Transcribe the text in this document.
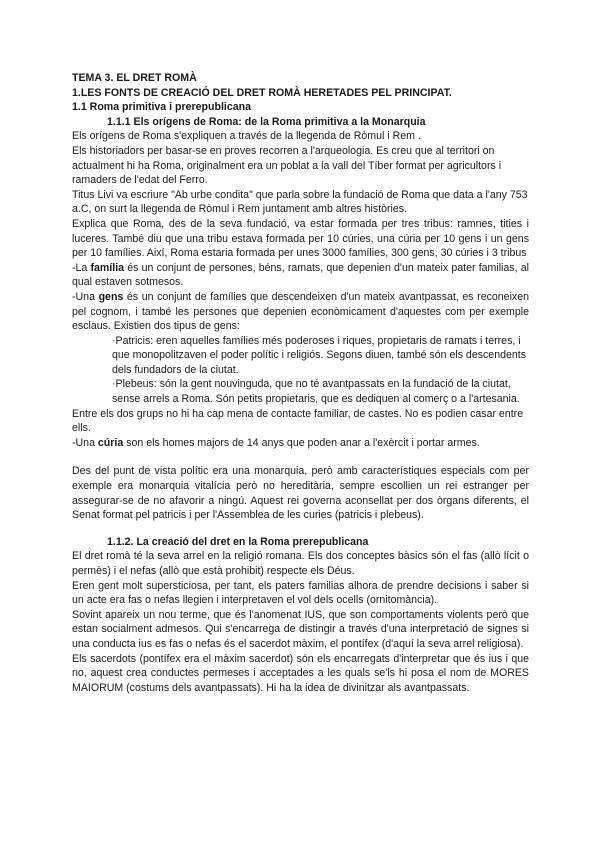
TEMA 3. EL DRET ROMÀ

1.LES FONTS DE CREACIÓ DEL DRET ROMÀ HERETADES PEL PRINCIPAT.

1.1 Roma primitiva i prerepublicana

1.1.1 Els orígens de Roma: de la Roma primitiva a la Monarquia

Els orígens de Roma s'expliquen a través de la llegenda de Ròmul i Rem .

Els historiadors per basar-se en proves recorren a l'arqueologia. Es creu que al territori on actualment hi ha Roma, originalment era un poblat a la vall del Tíber format per agricultors i ramaders de l'edat del Ferro.

Titus Livi va escriure "Ab urbe condita" que parla sobre la fundació de Roma que data a l'any 753 a.C, on surt la llegenda de Ròmul i Rem juntament amb altres històries.

Explica que Roma, des de la seva fundació, va estar formada per tres tribus: ramnes, tities i luceres. També diu que una tribu estava formada per 10 cúries, una cúria per 10 gens i un gens per 10 famílies. Així, Roma estaria formada per unes 3000 famílies, 300 gens, 30 cúries i 3 tribus

-La família és un conjunt de persones, béns, ramats, que depenien d'un mateix pater familias, al qual estaven sotmesos.

-Una gens és un conjunt de famílies que descendeixen d'un mateix avantpassat, es reconeixen pel cognom, i també les persones que depenien econòmicament d'aquestes com per exemple esclaus. Existien dos tipus de gens:

·Patricis: eren aquelles famílies més poderoses i riques, propietaris de ramats i terres, i que monopolitzaven el poder polític i religiós. Segons diuen, també són els descendents dels fundadors de la ciutat.

·Plebeus: són la gent nouvinguda, que no té avantpassats en la fundació de la ciutat, sense arrels a Roma. Són petits propietaris, que es dediquen al comerç o a l'artesania.

Entre els dos grups no hi ha cap mena de contacte familiar, de castes. No es podien casar entre ells.

-Una cúria son els homes majors de 14 anys que poden anar a l'exèrcit i portar armes.

Des del punt de vista polític era una monarquia, però amb característiques especials com per exemple era monarquia vitalícia però no hereditària, sempre escollien un rei estranger per assegurar-se de no afavorir a ningú. Aquest rei governa aconsellat per dos òrgans diferents, el Senat format pel patricis i per l'Assemblea de les curies (patricis i plebeus).

1.1.2. La creació del dret en la Roma prerepublicana

El dret romà té la seva arrel en la religió romana. Els dos conceptes bàsics són el fas (allò lícit o permès) i el nefas (allò que està prohibit) respecte els Déus.

Eren gent molt supersticiosa, per tant, els paters familias alhora de prendre decisions i saber si un acte era fas o nefas llegien i interpretaven el vol dels ocells (ornitomància).

Sovint apareix un nou terme, que és l'anomenat IUS, que son comportaments violents però que estan socialment admesos. Qui s'encarrega de distingir a través d'una interpretació de signes si una conducta ius es fas o nefas és el sacerdot màxim, el pontífex (d'aquí la seva arrel religiosa).

Els sacerdots (pontífex era el màxim sacerdot) són els encarregats d'interpretar que és ius i que no, aquest crea conductes permeses i acceptades a les quals se'ls hi posa el nom de MORES MAIORUM (costums dels avantpassats). Hi ha la idea de divinitzar als avantpassats.
